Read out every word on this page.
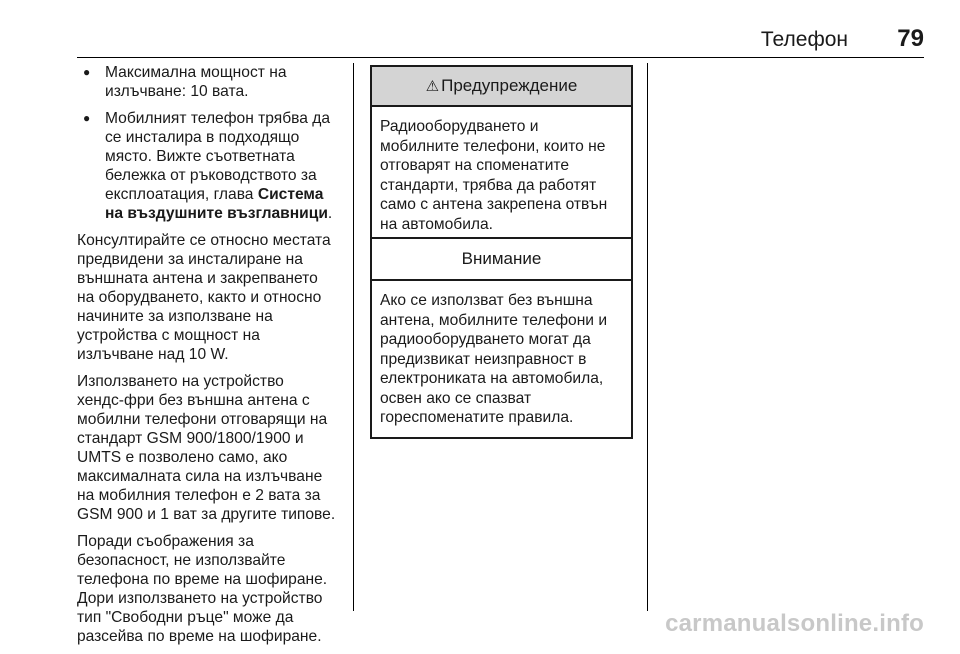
Телефон 79
● Максимална мощност на
излъчване: 10 вата.
● Мобилният телефон трябва да
се инсталира в подходящо
място. Вижте съответната
бележка от ръководството за
експлоатация, глава Система
на въздушните възглавници.
Консултирайте се относно местата
предвидени за инсталиране на
външната антена и закрепването
на оборудването, както и относно
начините за използване на
устройства с мощност на
излъчване над 10 W.
Използването на устройство
хендс-фри без външна антена с
мобилни телефони отговарящи на
стандарт GSM 900/1800/1900 и
UMTS е позволено само, ако
максималната сила на излъчване
на мобилния телефон е 2 вата за
GSM 900 и 1 ват за другите типове.
Поради съображения за
безопасност, не използвайте
телефона по време на шофиране.
Дори използването на устройство
тип "Свободни ръце" може да
разсейва по време на шофиране.
⚠ Предупреждение
Радиооборудването и
мобилните телефони, които не
отговарят на споменатите
стандарти, трябва да работят
само с антена закрепена отвън
на автомобила.
Внимание
Ако се използват без външна
антена, мобилните телефони и
радиооборудването могат да
предизвикат неизправност в
електрониката на автомобила,
освен ако се спазват
гореспоменатите правила.
carmanualsonline.info
